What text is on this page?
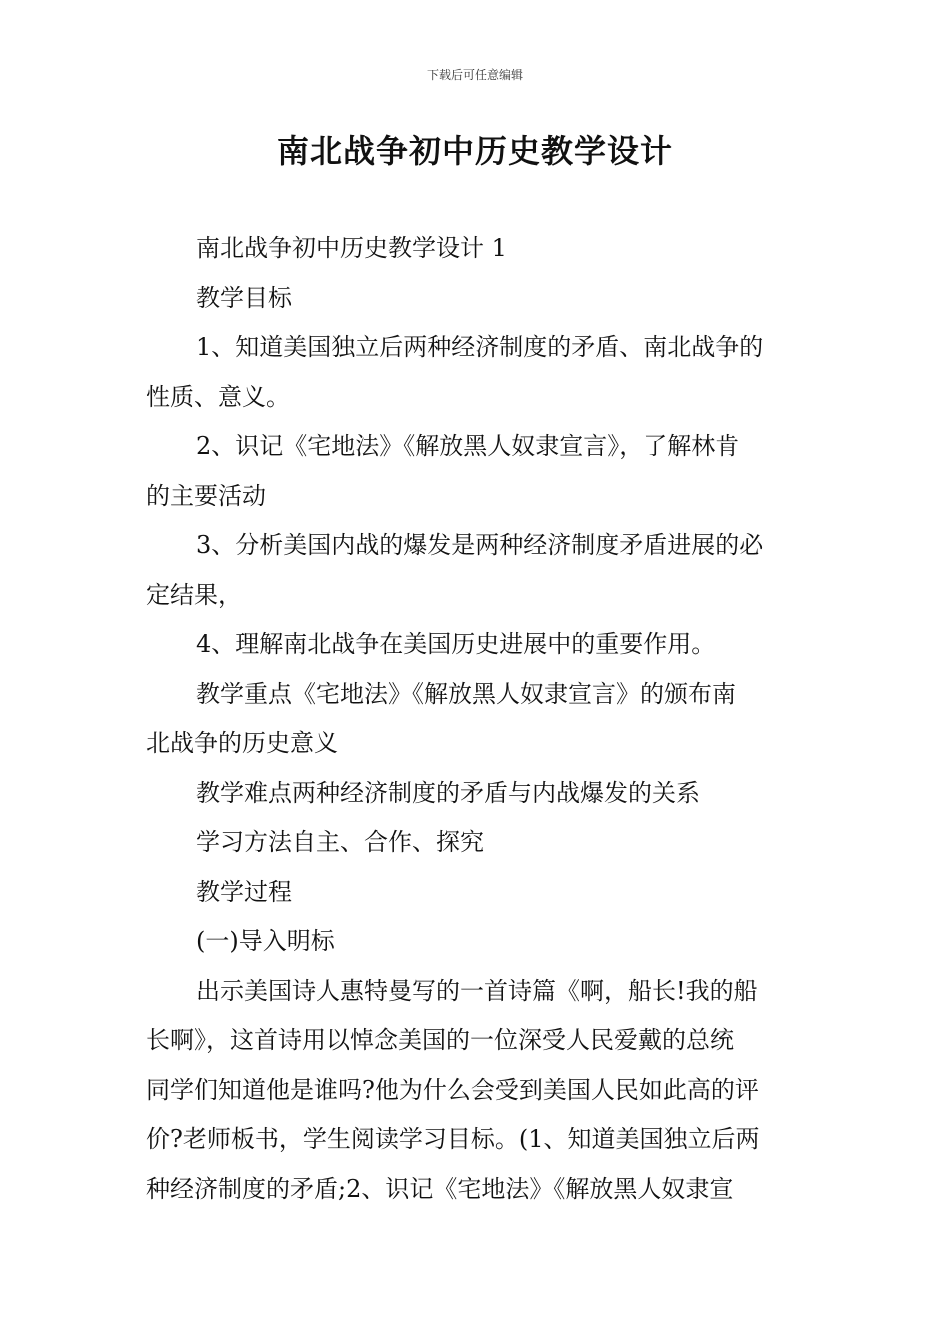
下载后可任意编辑
南北战争初中历史教学设计
南北战争初中历史教学设计 1
教学目标
1、知道美国独立后两种经济制度的矛盾、南北战争的
性质、意义。
2、识记《宅地法》《解放黑人奴隶宣言》，了解林肯
的主要活动
3、分析美国内战的爆发是两种经济制度矛盾进展的必
定结果，
4、理解南北战争在美国历史进展中的重要作用。
教学重点《宅地法》《解放黑人奴隶宣言》的颁布南
北战争的历史意义
教学难点两种经济制度的矛盾与内战爆发的关系
学习方法自主、合作、探究
教学过程
(一)导入明标
出示美国诗人惠特曼写的一首诗篇《啊，船长!我的船
长啊》，这首诗用以悼念美国的一位深受人民爱戴的总统
同学们知道他是谁吗?他为什么会受到美国人民如此高的评
价?老师板书，学生阅读学习目标。(1、知道美国独立后两
种经济制度的矛盾;2、识记《宅地法》《解放黑人奴隶宣
